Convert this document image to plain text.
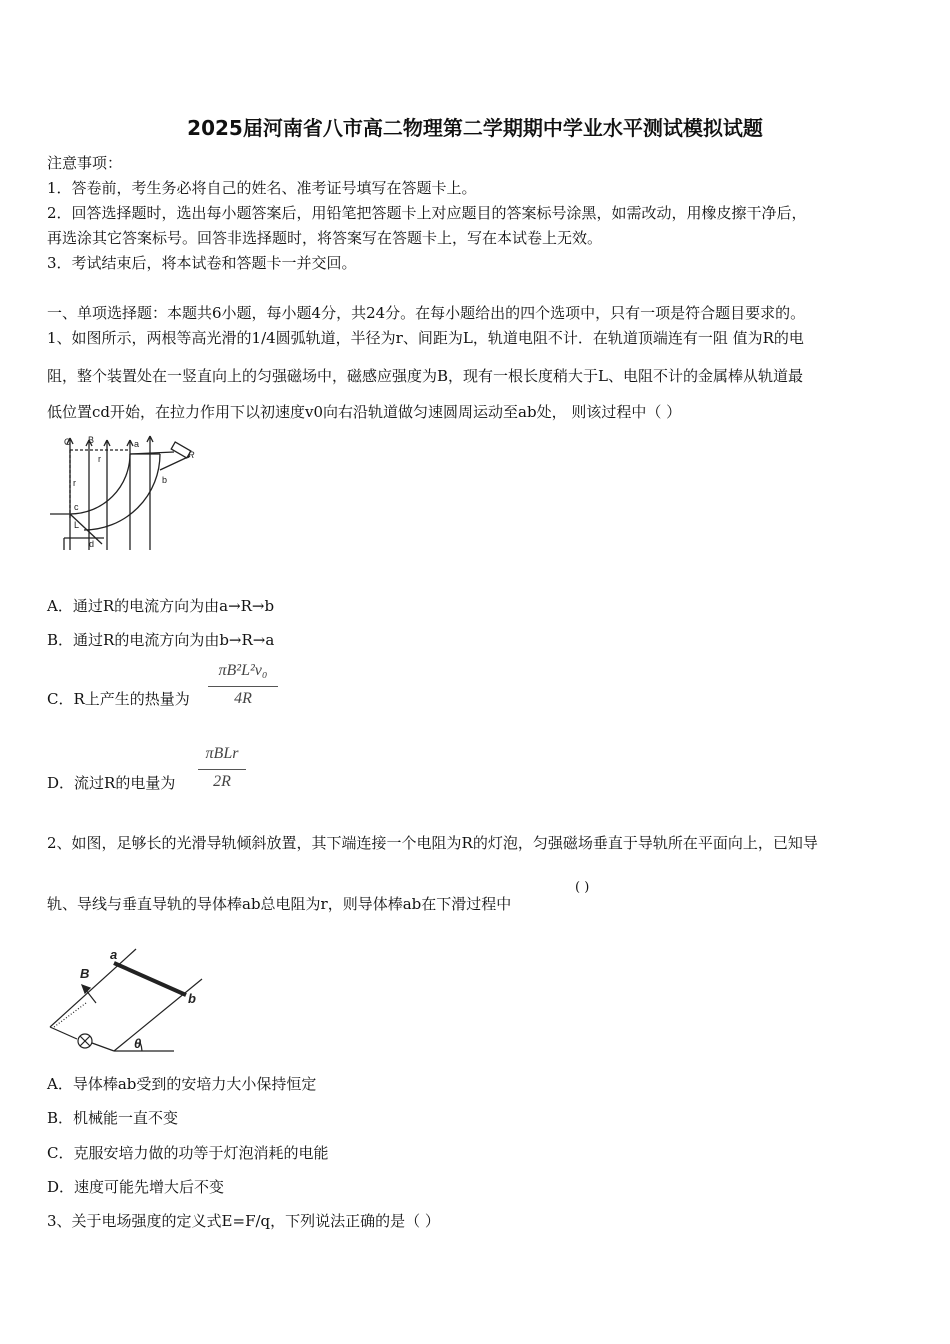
2025届河南省八市高二物理第二学期期中学业水平测试模拟试题
注意事项：
1．答卷前，考生务必将自己的姓名、准考证号填写在答题卡上。
2．回答选择题时，选出每小题答案后，用铅笔把答题卡上对应题目的答案标号涂黑，如需改动，用橡皮擦干净后，
再选涂其它答案标号。回答非选择题时，将答案写在答题卡上，写在本试卷上无效。
3．考试结束后，将本试卷和答题卡一并交回。
一、单项选择题：本题共6小题，每小题4分，共24分。在每小题给出的四个选项中，只有一项是符合题目要求的。
1、如图所示，两根等高光滑的1/4圆弧轨道，半径为r、间距为L，轨道电阻不计．在轨道顶端连有一阻 值为R的电
阻，整个装置处在一竖直向上的匀强磁场中，磁感应强度为B，现有一根长度稍大于L、电阻不计的金属棒从轨道最
低位置cd开始，在拉力作用下以初速度v0向右沿轨道做匀速圆周运动至ab处， 则该过程中（ ）
O B
r
a
R
b
r
c
L
d
A．通过R的电流方向为由a→R→b
B．通过R的电流方向为由b→R→a
C．R上产生的热量为
πB²L²v₀
4R
D．流过R的电量为
πBLr
2R
2、如图，足够长的光滑导轨倾斜放置，其下端连接一个电阻为R的灯泡，匀强磁场垂直于导轨所在平面向上，已知导
轨、导线与垂直导轨的导体棒ab总电阻为r，则导体棒ab在下滑过程中
( )
a
B
b
θ
A．导体棒ab受到的安培力大小保持恒定
B．机械能一直不变
C．克服安培力做的功等于灯泡消耗的电能
D．速度可能先增大后不变
3、关于电场强度的定义式E=F/q，下列说法正确的是（ ）
